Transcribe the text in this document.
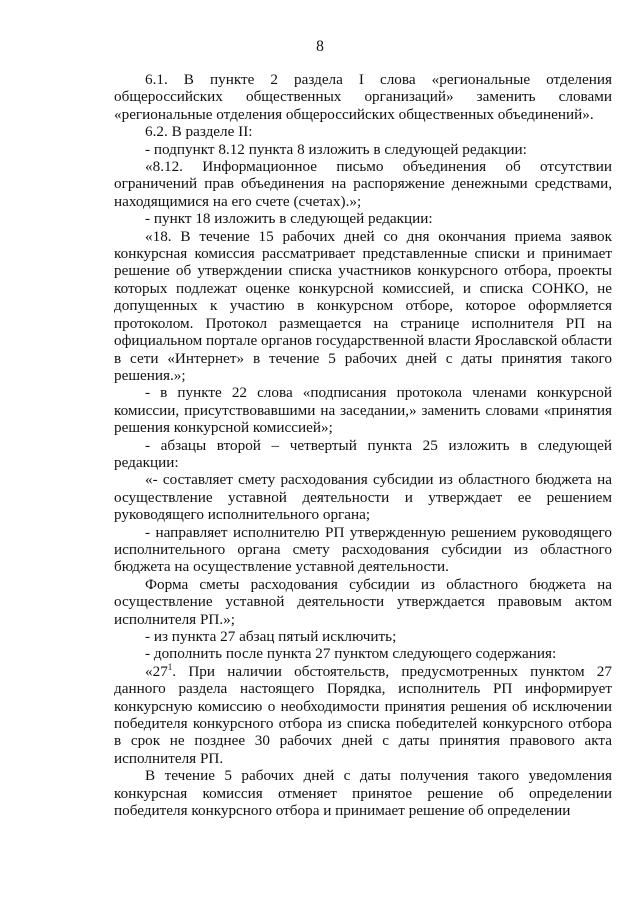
8

6.1. В пункте 2 раздела I слова «региональные отделения общероссийских общественных организаций» заменить словами «региональные отделения общероссийских общественных объединений».

6.2. В разделе II:

- подпункт 8.12 пункта 8 изложить в следующей редакции:

«8.12. Информационное письмо объединения об отсутствии ограничений прав объединения на распоряжение денежными средствами, находящимися на его счете (счетах).»;

- пункт 18 изложить в следующей редакции:

«18. В течение 15 рабочих дней со дня окончания приема заявок конкурсная комиссия рассматривает представленные списки и принимает решение об утверждении списка участников конкурсного отбора, проекты которых подлежат оценке конкурсной комиссией, и списка СОНКО, не допущенных к участию в конкурсном отборе, которое оформляется протоколом. Протокол размещается на странице исполнителя РП на официальном портале органов государственной власти Ярославской области в сети «Интернет» в течение 5 рабочих дней с даты принятия такого решения.»;

- в пункте 22 слова «подписания протокола членами конкурсной комиссии, присутствовавшими на заседании,» заменить словами «принятия решения конкурсной комиссией»;

- абзацы второй – четвертый пункта 25 изложить в следующей редакции:

«- составляет смету расходования субсидии из областного бюджета на осуществление уставной деятельности и утверждает ее решением руководящего исполнительного органа;

- направляет исполнителю РП утвержденную решением руководящего исполнительного органа смету расходования субсидии из областного бюджета на осуществление уставной деятельности.

Форма сметы расходования субсидии из областного бюджета на осуществление уставной деятельности утверждается правовым актом исполнителя РП.»;

- из пункта 27 абзац пятый исключить;

- дополнить после пункта 27 пунктом следующего содержания:

«$27^1$. При наличии обстоятельств, предусмотренных пунктом 27 данного раздела настоящего Порядка, исполнитель РП информирует конкурсную комиссию о необходимости принятия решения об исключении победителя конкурсного отбора из списка победителей конкурсного отбора в срок не позднее 30 рабочих дней с даты принятия правового акта исполнителя РП.

В течение 5 рабочих дней с даты получения такого уведомления конкурсная комиссия отменяет принятое решение об определении победителя конкурсного отбора и принимает решение об определении
